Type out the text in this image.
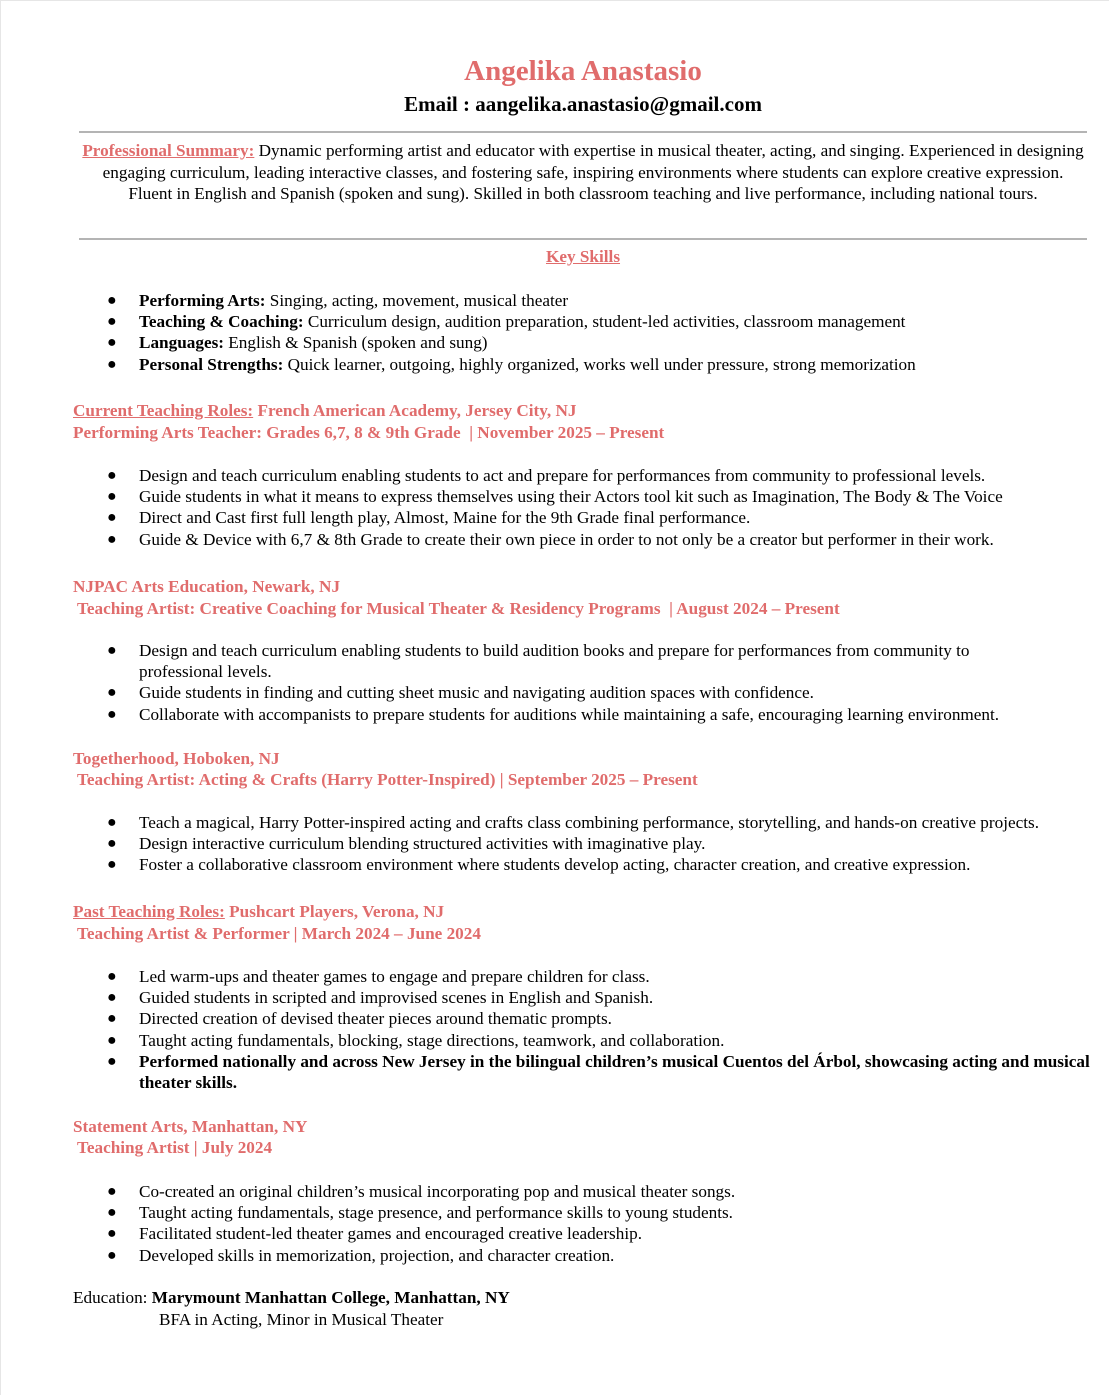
Angelika Anastasio
Email : aangelika.anastasio@gmail.com
Professional Summary: Dynamic performing artist and educator with expertise in musical theater, acting, and singing. Experienced in designing engaging curriculum, leading interactive classes, and fostering safe, inspiring environments where students can explore creative expression. Fluent in English and Spanish (spoken and sung). Skilled in both classroom teaching and live performance, including national tours.
Key Skills
● Performing Arts: Singing, acting, movement, musical theater
● Teaching & Coaching: Curriculum design, audition preparation, student-led activities, classroom management
● Languages: English & Spanish (spoken and sung)
● Personal Strengths: Quick learner, outgoing, highly organized, works well under pressure, strong memorization
Current Teaching Roles: French American Academy, Jersey City, NJ
Performing Arts Teacher: Grades 6,7, 8 & 9th Grade  | November 2025 – Present
● Design and teach curriculum enabling students to act and prepare for performances from community to professional levels.
● Guide students in what it means to express themselves using their Actors tool kit such as Imagination, The Body & The Voice
● Direct and Cast first full length play, Almost, Maine for the 9th Grade final performance.
● Guide & Device with 6,7 & 8th Grade to create their own piece in order to not only be a creator but performer in their work.
NJPAC Arts Education, Newark, NJ
Teaching Artist: Creative Coaching for Musical Theater & Residency Programs  | August 2024 – Present
● Design and teach curriculum enabling students to build audition books and prepare for performances from community to professional levels.
● Guide students in finding and cutting sheet music and navigating audition spaces with confidence.
● Collaborate with accompanists to prepare students for auditions while maintaining a safe, encouraging learning environment.
Togetherhood, Hoboken, NJ
Teaching Artist: Acting & Crafts (Harry Potter-Inspired) | September 2025 – Present
● Teach a magical, Harry Potter-inspired acting and crafts class combining performance, storytelling, and hands-on creative projects.
● Design interactive curriculum blending structured activities with imaginative play.
● Foster a collaborative classroom environment where students develop acting, character creation, and creative expression.
Past Teaching Roles: Pushcart Players, Verona, NJ
Teaching Artist & Performer | March 2024 – June 2024
● Led warm-ups and theater games to engage and prepare children for class.
● Guided students in scripted and improvised scenes in English and Spanish.
● Directed creation of devised theater pieces around thematic prompts.
● Taught acting fundamentals, blocking, stage directions, teamwork, and collaboration.
● Performed nationally and across New Jersey in the bilingual children’s musical Cuentos del Árbol, showcasing acting and musical theater skills.
Statement Arts, Manhattan, NY
Teaching Artist | July 2024
● Co-created an original children’s musical incorporating pop and musical theater songs.
● Taught acting fundamentals, stage presence, and performance skills to young students.
● Facilitated student-led theater games and encouraged creative leadership.
● Developed skills in memorization, projection, and character creation.
Education: Marymount Manhattan College, Manhattan, NY
BFA in Acting, Minor in Musical Theater
